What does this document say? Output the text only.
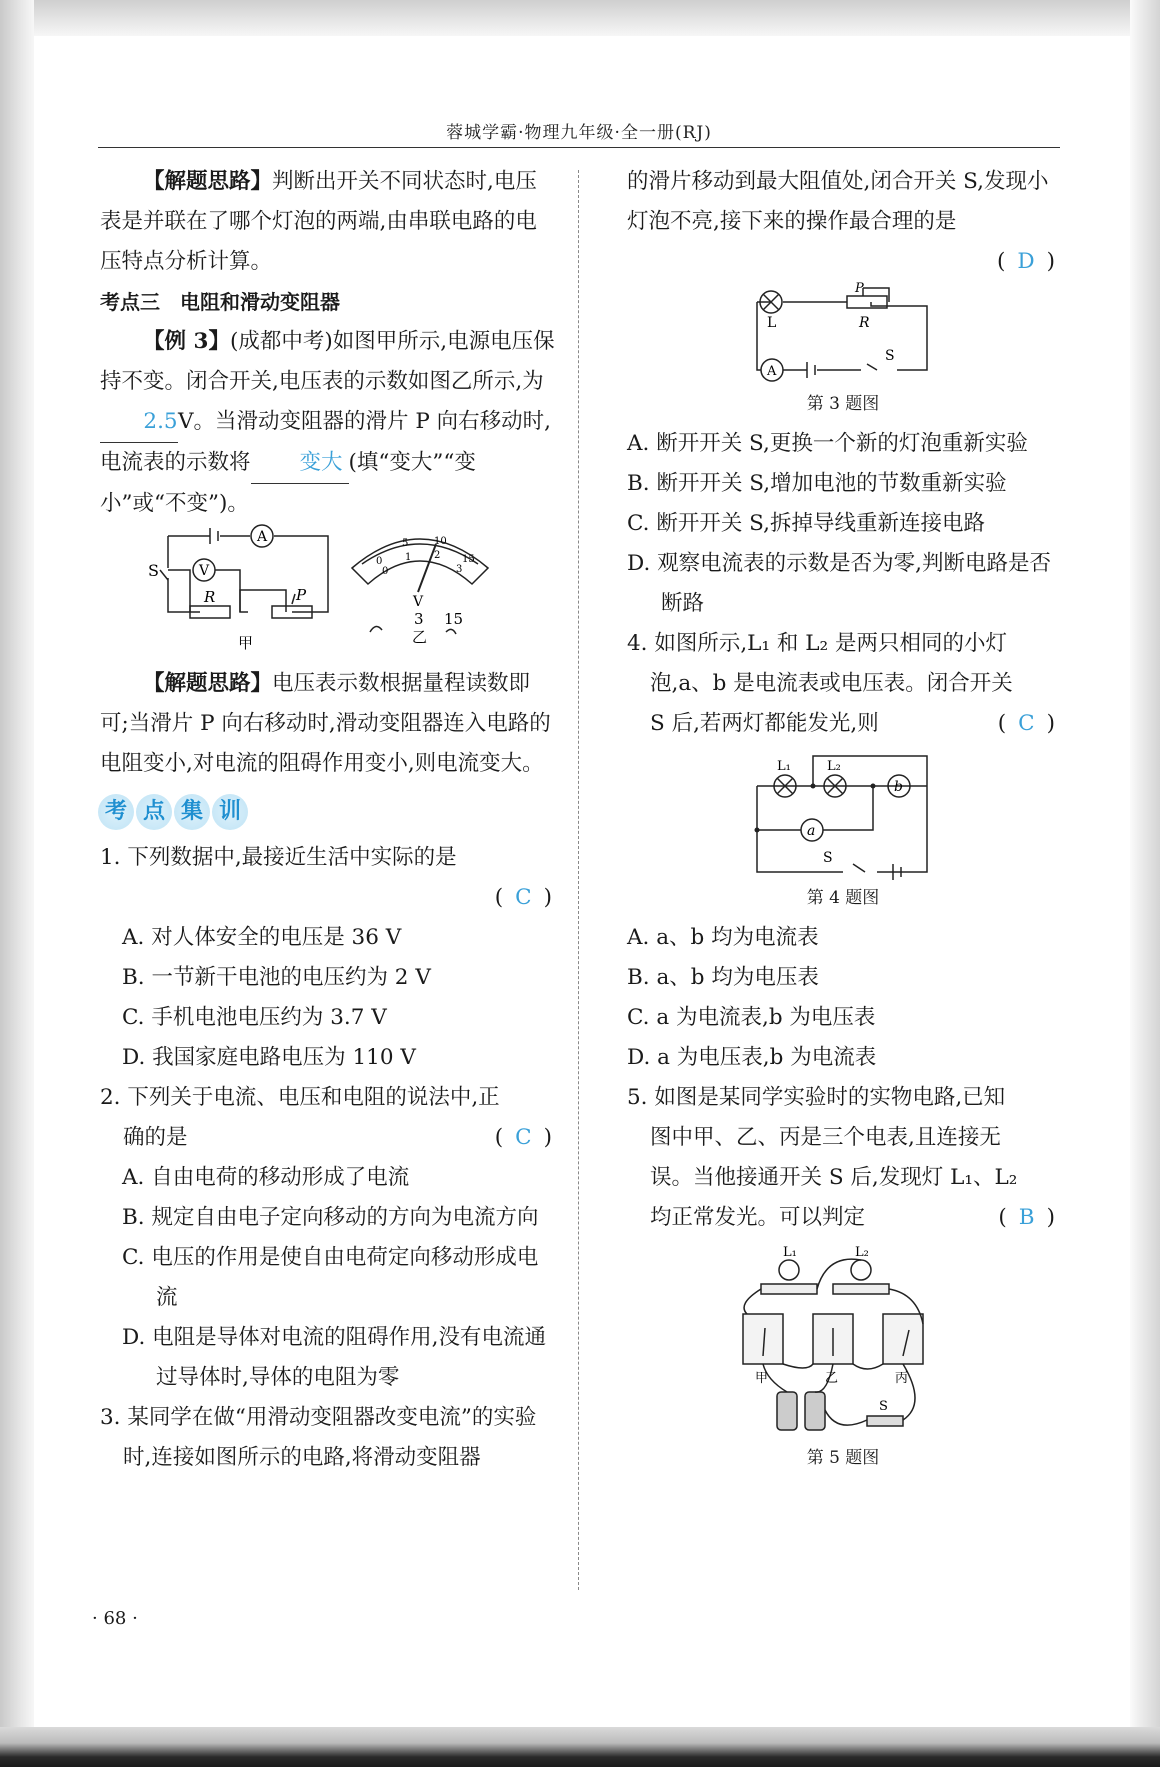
蓉城学霸·物理九年级·全一册(RJ)

【解题思路】判断出开关不同状态时,电压表是并联在了哪个灯泡的两端,由串联电路的电压特点分析计算。

考点三　电阻和滑动变阻器

【例 3】(成都中考)如图甲所示,电源电压保持不变。闭合开关,电压表的示数如图乙所示,为2.5V。当滑动变阻器的滑片 P 向右移动时,电流表的示数将 变大 (填“变大”“变小”或“不变”)。

S
A
V
R	P
甲
0
5	10
15
0
1 2
3
V
3 15
乙

【解题思路】电压表示数根据量程读数即可;当滑片 P 向右移动时,滑动变阻器连入电路的电阻变小,对电流的阻碍作用变小,则电流变大。

考 点 集 训

1. 下列数据中,最接近生活中实际的是

( C )

A. 对人体安全的电压是 36 V

B. 一节新干电池的电压约为 2 V

C. 手机电池电压约为 3.7 V

D. 我国家庭电路电压为 110 V

( C )
2. 下列关于电流、电压和电阻的说法中,正确的是

A. 自由电荷的移动形成了电流

B. 规定自由电子定向移动的方向为电流方向

C. 电压的作用是使自由电荷定向移动形成电流

D. 电阻是导体对电流的阻碍作用,没有电流通过导体时,导体的电阻为零

3. 某同学在做“用滑动变阻器改变电流”的实验时,连接如图所示的电路,将滑动变阻器

· 68 ·

的滑片移动到最大阻值处,闭合开关 S,发现小灯泡不亮,接下来的操作最合理的是

( D )

L	R
P
A
S
第 3 题图

A. 断开开关 S,更换一个新的灯泡重新实验

B. 断开开关 S,增加电池的节数重新实验

C. 断开开关 S,拆掉导线重新连接电路

D. 观察电流表的示数是否为零,判断电路是否断路

( C )
4. 如图所示,L₁ 和 L₂ 是两只相同的小灯泡,a、b 是电流表或电压表。闭合开关 S 后,若两灯都能发光,则

L₁	L₂
b
a
S
第 4 题图

A. a、b 均为电流表

B. a、b 均为电压表

C. a 为电流表,b 为电压表

D. a 为电压表,b 为电流表

( B )
5. 如图是某同学实验时的实物电路,已知图中甲、乙、丙是三个电表,且连接无误。当他接通开关 S 后,发现灯 L₁、L₂ 均正常发光。可以判定

L₁	L₂
甲	乙	丙
S
第 5 题图
